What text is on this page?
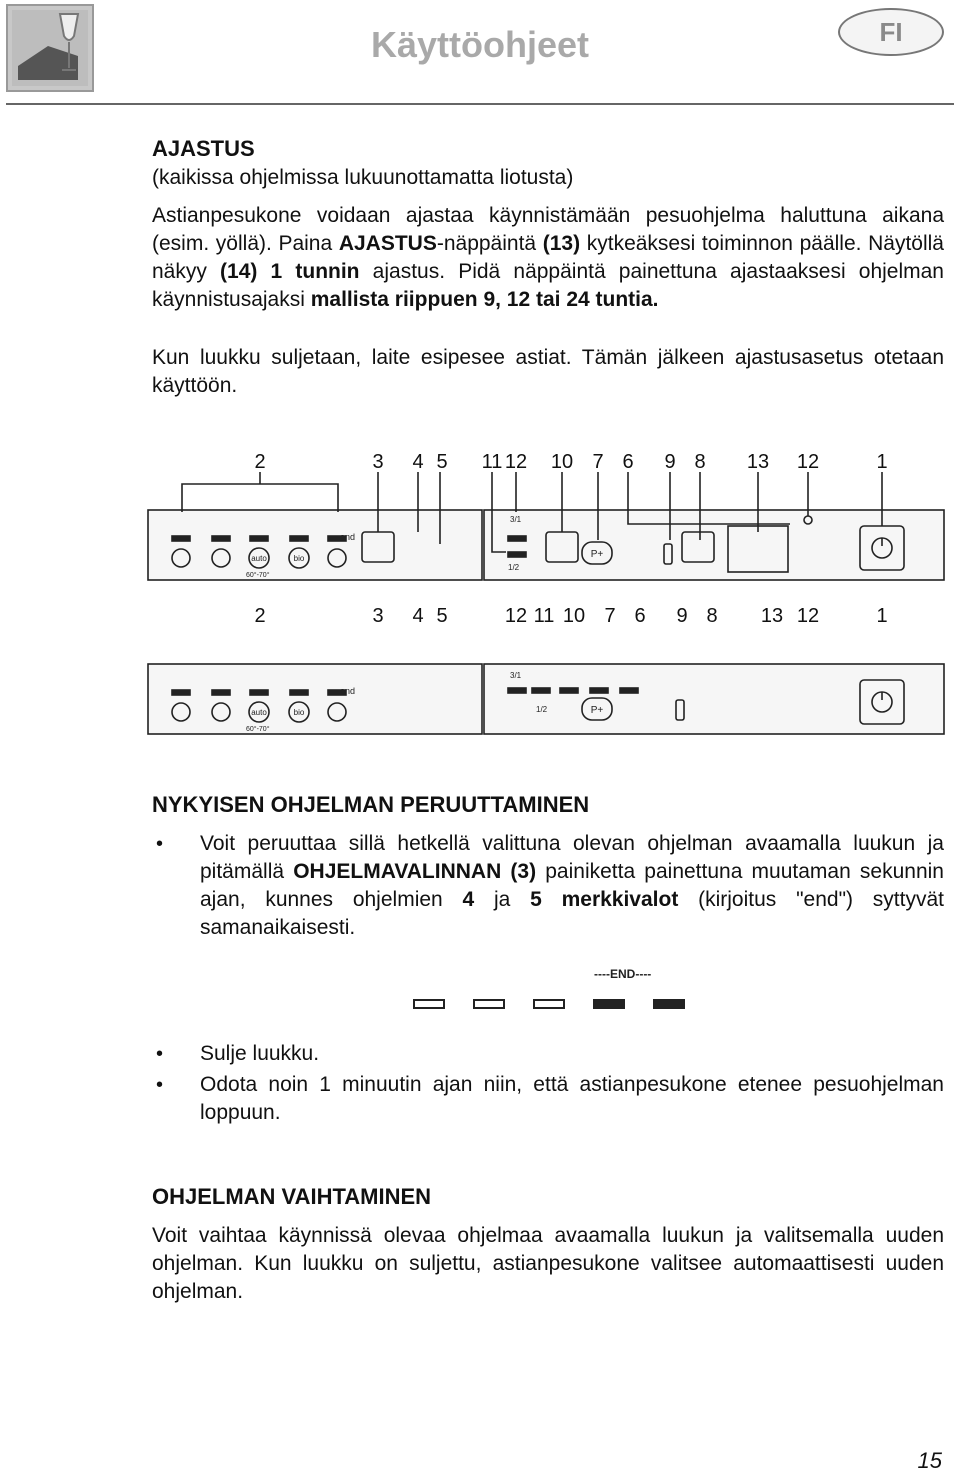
Käyttöohjeet	FI
AJASTUS
(kaikissa ohjelmissa lukuunottamatta liotusta)
Astianpesukone voidaan ajastaa käynnistämään pesuohjelma haluttuna aikana (esim. yöllä). Paina AJASTUS-näppäintä (13) kytkeäksesi toiminnon päälle. Näytöllä näkyy (14) 1 tunnin ajastus. Pidä näppäintä painettuna ajastaaksesi ohjelman käynnistusajaksi mallista riippuen 9, 12 tai 24 tuntia.
Kun luukku suljetaan, laite esipesee astiat. Tämän jälkeen ajastusasetus otetaan käyttöön.
2	3 4 5 11 12 10 7 6 9 8 13 12	1
end
60°-70°
auto	bio
1/2
3/1
P+
2	3 4 5	12 11 10 7 6 9 8 13 12	1
end
60°-70°
auto	bio	1/2
3/1
P+
NYKYISEN OHJELMAN PERUUTTAMINEN
• Voit peruuttaa sillä hetkellä valittuna olevan ohjelman avaamalla luukun ja pitämällä OHJELMAVALINNAN (3) painiketta painettuna muutaman sekunnin ajan, kunnes ohjelmien 4 ja 5 merkkivalot (kirjoitus "end") syttyvät samanaikaisesti.
----END----
• Sulje luukku.
• Odota noin 1 minuutin ajan niin, että astianpesukone etenee pesuohjelman loppuun.
OHJELMAN VAIHTAMINEN
Voit vaihtaa käynnissä olevaa ohjelmaa avaamalla luukun ja valitsemalla uuden ohjelman. Kun luukku on suljettu, astianpesukone valitsee automaattisesti uuden ohjelman.
15
